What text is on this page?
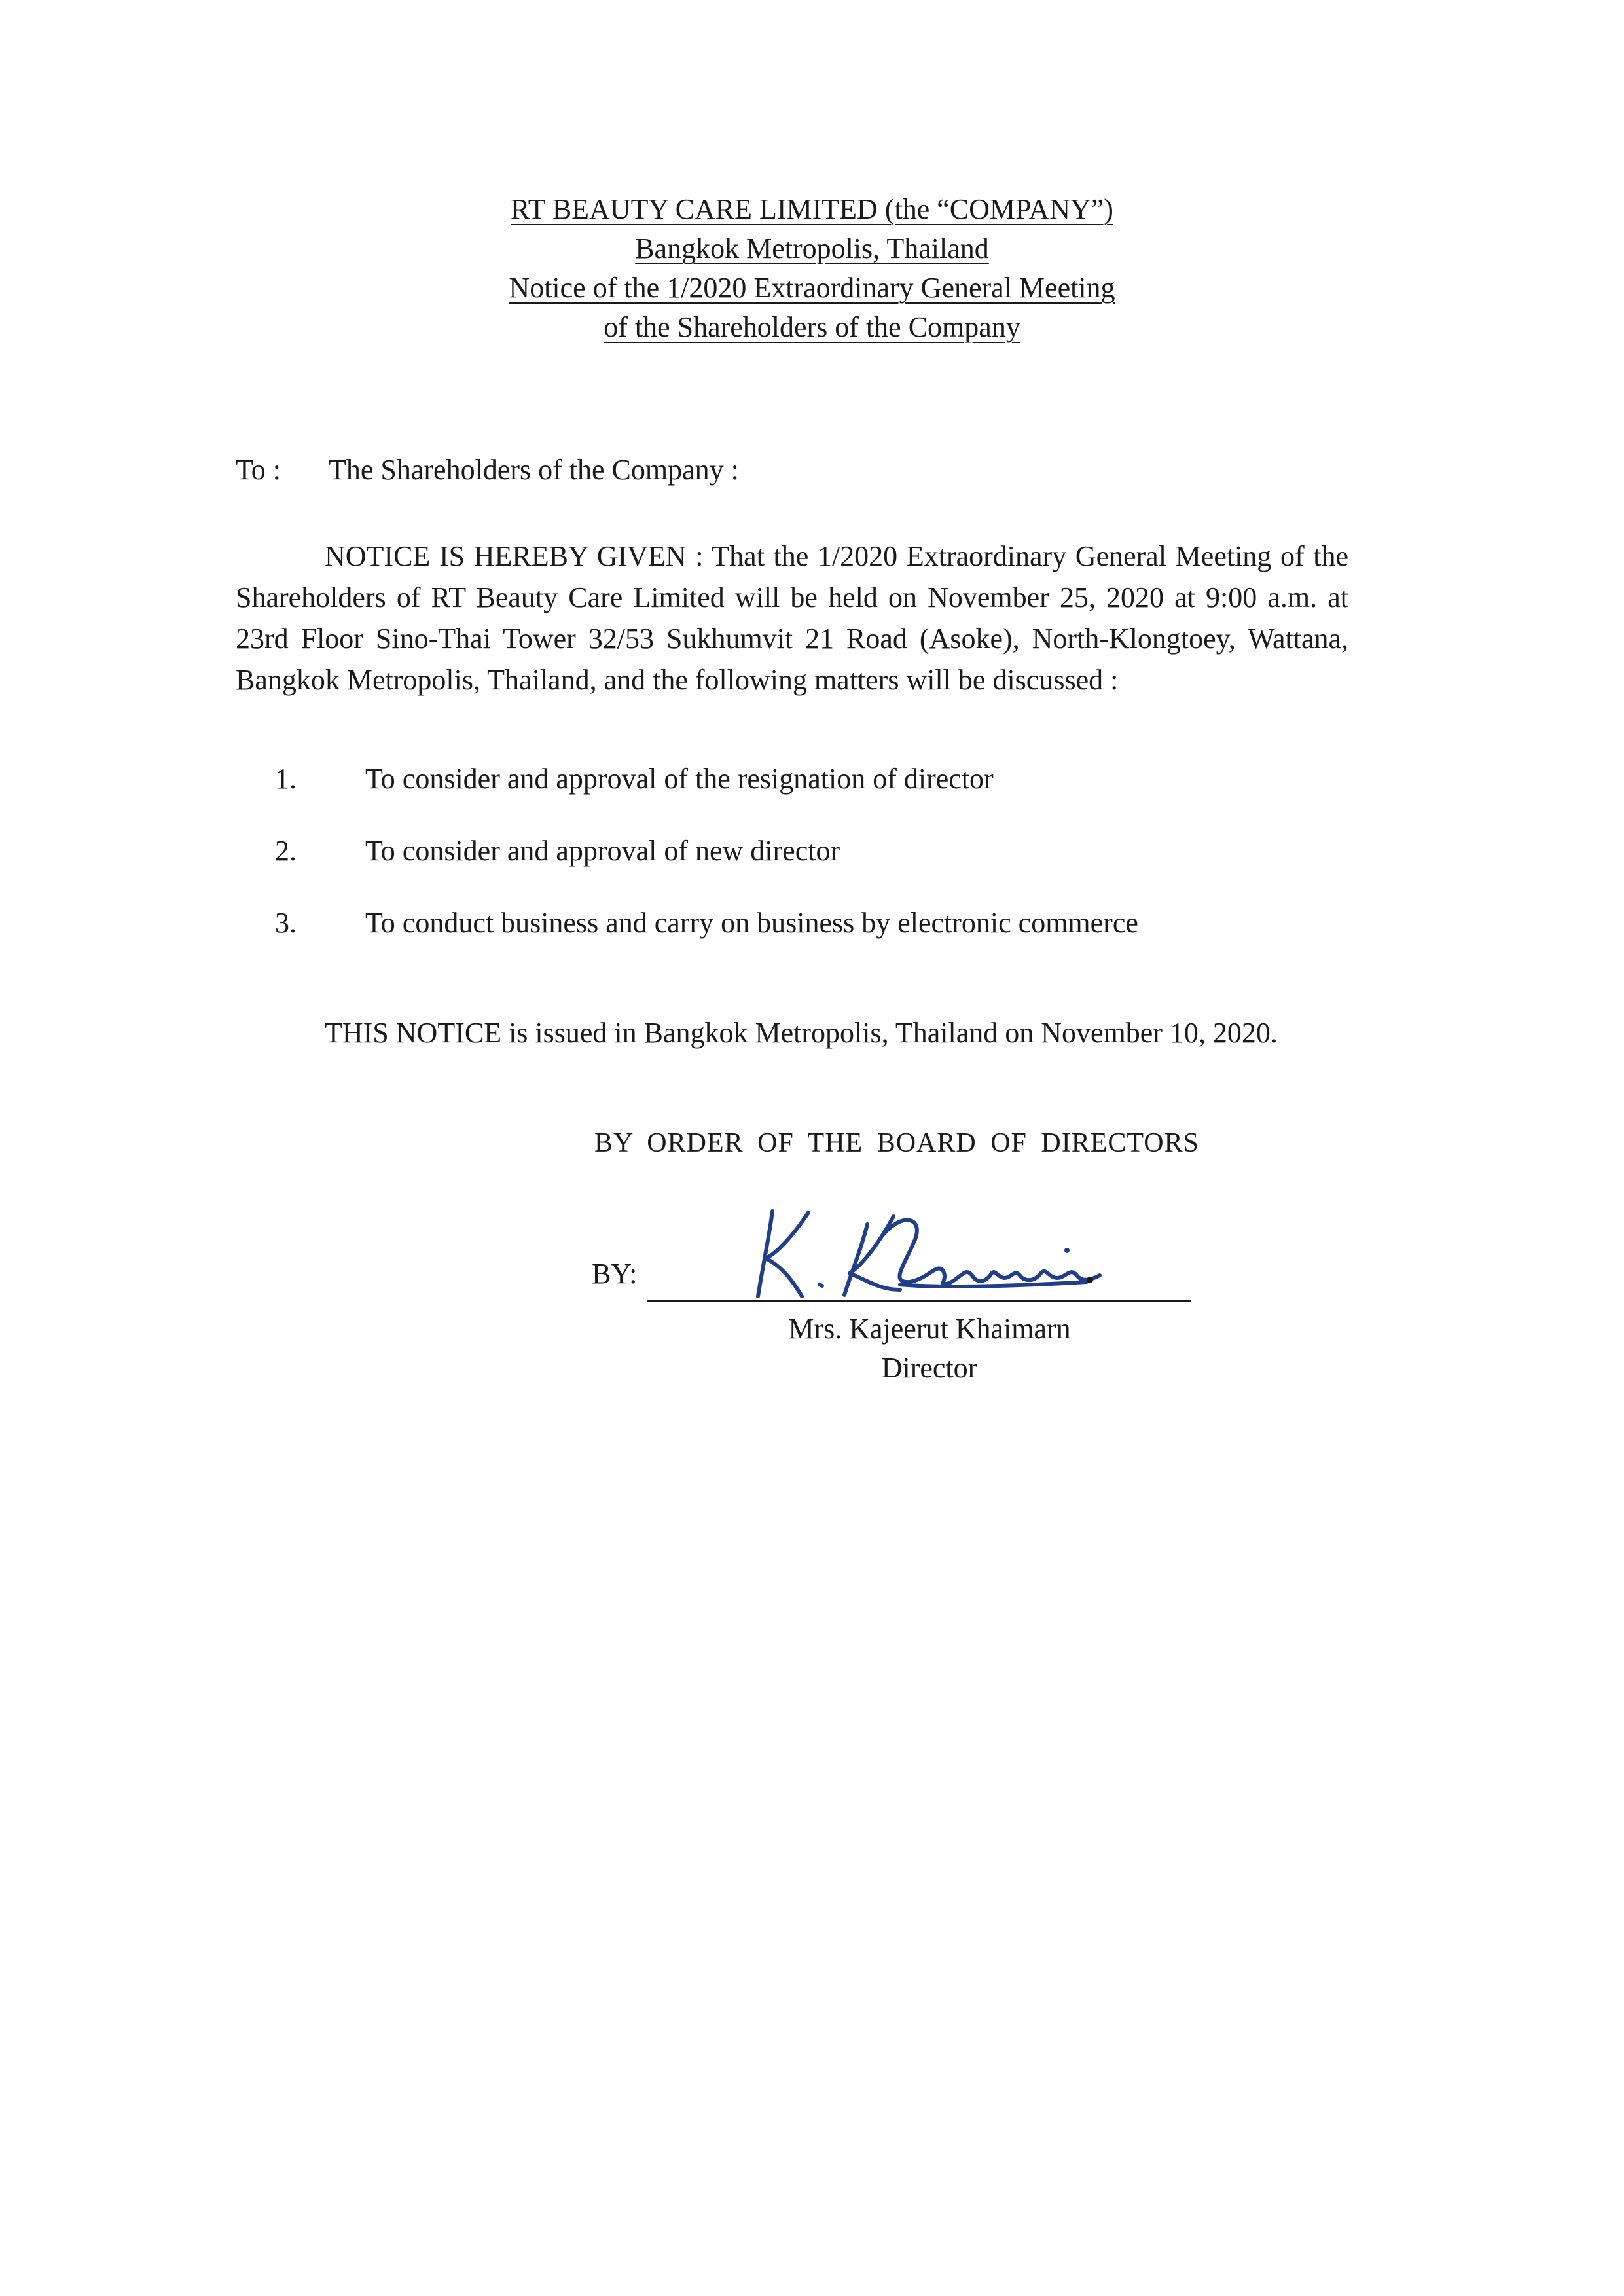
RT BEAUTY CARE LIMITED (the “COMPANY”)
Bangkok Metropolis, Thailand
Notice of the 1/2020 Extraordinary General Meeting
of the Shareholders of the Company
To : The Shareholders of the Company :
NOTICE IS HEREBY GIVEN : That the 1/2020 Extraordinary General Meeting of the Shareholders of RT Beauty Care Limited will be held on November 25, 2020 at 9:00 a.m. at 23rd Floor Sino-Thai Tower 32/53 Sukhumvit 21 Road (Asoke), North-Klongtoey, Wattana, Bangkok Metropolis, Thailand, and the following matters will be discussed :
1. To consider and approval of the resignation of director
2. To consider and approval of new director
3. To conduct business and carry on business by electronic commerce
THIS NOTICE is issued in Bangkok Metropolis, Thailand on November 10, 2020.
BY ORDER OF THE BOARD OF DIRECTORS
BY:
Mrs. Kajeerut Khaimarn
Director
